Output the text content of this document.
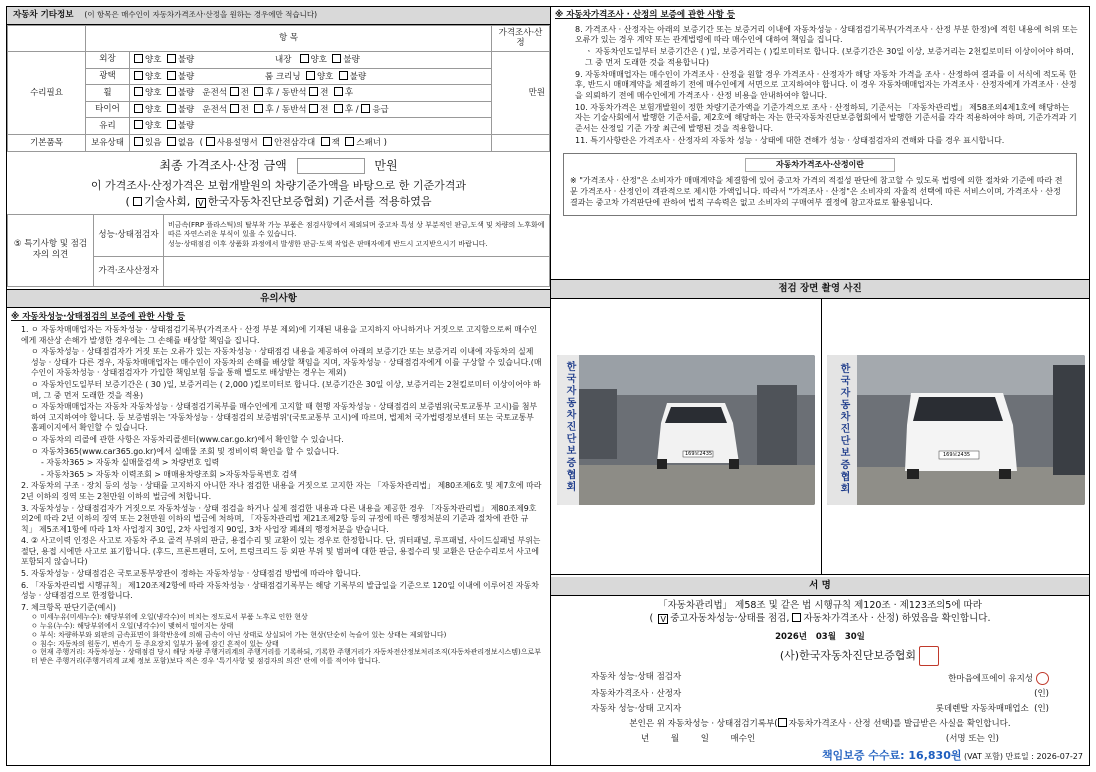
자동차 기타정보 (이 항목은 매수인이 자동차가격조사·산정을 원하는 경우에만 적습니다)
	항 목		가격조사·산정
수리필요	외장	양호 불량 내장 양호 불량	만원
	광택	양호 불량 룸 크리닝 양호 불량	
	휠	양호 불량 운전석 전 후 / 동반석 전 후	
	타이어	양호 불량 운전석 전 후 / 동반석 전 후 / 응급	
	유리	양호 불량	
기본품목	보유상태	있음 없음  ( 사용설명서 안전삼각대 잭 스패너 )	
최종 가격조사·산정 금액	만원
이 가격조사·산정가격은 보험개발원의 차량기준가액을 바탕으로 한 기준가격과
( 기술사회, V 한국자동차진단보증협회) 기준서를 적용하였음
⑤ 특기사항 및 점검자의 의견	성능·상태점검자	비금속(FRP 플라스틱)의 탈부착 가능 부품은 점검사항에서 제외되며 중고차 특성 상 부분적인 판금,도색 및 차량의 노후화에 따른 자연스러운 부식이 있을 수 있습니다.
성능·상태점검 이후 상품화 과정에서 발생한 판금·도색 작업은 판매자에게 반드시 고지받으시기 바랍니다.

	가격·조사산정자	
유의사항
※ 자동차성능·상태점검의 보증에 관한 사항 등
1. ㅇ 자동차매매업자는 자동차성능 · 상태점검기록부(가격조사 · 산정 부분 제외)에 기재된 내용을 고지하지 아니하거나 거짓으로 고지함으로써 매수인에게 재산상 손해가 발생한 경우에는 그 손해를 배상할 책임을 집니다.
ㅇ 자동차성능 · 상태점검자가 거짓 또는 오류가 있는 자동차성능 · 상태점검 내용을 제공하여 아래의 보증기간 또는 보증거리 이내에 자동차의 실제 성능 · 상태가 다른 경우, 자동차매매업자는 매수인이 자동차의 손해를 배상할 책임을 지며, 자동차성능 · 상태점검자에게 이를 구상할 수 있습니다.(매수인이 자동차성능 · 상태점검자가 가입한 책임보험 등을 통해 별도로 배상받는 경우는 제외)
ㅇ 자동차인도일부터 보증기간은 ( 30 )일, 보증거리는 ( 2,000 )킬로미터로 합니다. (보증기간은 30일 이상, 보증거리는 2천킬로미터 이상이어야 하며, 그 중 먼저 도래한 것을 적용)
ㅇ 자동차매매업자는 자동차 자동차성능 · 상태점검기록부를 매수인에게 고지할 때 현행 자동차성능 · 상태점검의 보증범위(국토교통부 고시)를 첨부하여 고지하여야 합니다. 등 보증범위는 '자동차성능 · 상태점검의 보증범위'(국토교통부 고시)에 따르며, 법제처 국가법령정보센터 또는 국토교통부 홈페이지에서 확인할 수 있습니다.
ㅇ 자동차의 리콜에 관한 사항은 자동차리콜센터(www.car.go.kr)에서 확인할 수 있습니다.
ㅇ 자동차365(www.car365.go.kr)에서 실매물 조회 및 정비이력 확인을 할 수 있습니다.
- 자동차365 > 자동차 실매물검색 > 차량번호 입력
- 자동차365 > 자동차 이력조회 > 매매용차량조회 >자동차등록번호 검색
2. 자동차의 구조 · 장치 등의 성능 · 상태를 고지하지 아니한 자나 점검한 내용을 거짓으로 고지한 자는 「자동차관리법」 제80조제6호 및 제7호에 따라 2년 이하의 징역 또는 2천만원 이하의 벌금에 처합니다.
3. 자동차성능 · 상태점검자가 거짓으로 자동차성능 · 상태 점검을 하거나 실제 점검한 내용과 다른 내용을 제공한 경우 「자동차관리법」 제80조제9호의2에 따라 2년 이하의 징역 또는 2천만원 이하의 벌금에 처하며, 「자동차관리법 제21조제2항 등의 규정에 따른 행정처분의 기준과 절차에 관한 규칙」 제5조제1항에 따라 1차 사업정지 30일, 2차 사업정지 90일, 3차 사업장 폐쇄의 행정처분을 받습니다.
4. ② 사고이력 인정은 사고로 자동차 주요 골격 부위의 판금, 용접수리 및 교환이 있는 경우로 한정합니다. 단, 쿼터패널, 루프패널, 사이드실패널 부위는 절단, 용접 시에만 사고로 표기합니다. (후드, 프론트펜더, 도어, 트렁크리드 등 외판 부위 및 범퍼에 대한 판금, 용접수리 및 교환은 단순수리로서 사고에 포함되지 않습니다)
5. 자동차성능 · 상태점검은 국토교통부장관이 정하는 자동차성능 · 상태점검 방법에 따라야 합니다.
6. 「자동차관리법 시행규칙」 제120조제2항에 따라 자동차성능 · 상태점검기록부는 해당 기록부의 발급일을 기준으로 120일 이내에 이루어진 자동차 성능 · 상태점검으로 한정합니다.
7. 체크항목 판단기준(예시)
ㅇ 미세누유(미세누수): 해당부위에 오일(냉각수)이 비치는 정도로서 부품 노후로 인한 현상
ㅇ 누유(누수): 해당부위에서 오일(냉각수)이 맺혀서 떨어지는 상태
ㅇ 부식: 차량하부와 외판의 금속표면이 화학반응에 의해 금속이 아닌 상태로 상실되어 가는 현상(단순히 녹슬어 있는 상태는 제외합니다)
ㅇ 침수: 자동차의 원동기, 변속기 등 주요장치 일부가 물에 잠긴 흔적이 있는 상태
ㅇ 현재 주행거리: 자동차성능 · 상태점검 당시 해당 차량 주행거리계의 주행거리를 기록하되, 기록한 주행거리가 자동차전산정보처리조직(자동차관리정보시스템)으로부터 받은 주행거리(주행거리계 교체 정보 포함)보다 적은 경우 '특기사항 및 점검자의 의견' 란에 이를 적어야 합니다.
※ 자동차가격조사 · 산정의 보증에 관한 사항 등
8. 가격조사 · 산정자는 아래의 보증기간 또는 보증거리 이내에 자동차성능 · 상태점검기록부(가격조사 · 산정 부분 한정)에 적힌 내용에 허위 또는 오류가 있는 경우 계약 또는 관계법령에 따라 매수인에 대하여 책임을 집니다.
ㆍ 자동차인도일부터 보증기간은 ( )일, 보증거리는 ( )킬로미터로 합니다. (보증기간은 30일 이상, 보증거리는 2천킬로미터 이상이어야 하며, 그 중 먼저 도래한 것을 적용합니다)
9. 자동차매매업자는 매수인이 가격조사 · 산정을 원할 경우 가격조사 · 산정자가 해당 자동차 가격을 조사 · 산정하여 결과를 이 서식에 적도록 한 후, 반드시 매매계약을 체결하기 전에 매수인에게 서면으로 고지하여야 합니다. 이 경우 자동차매매업자는 가격조사 · 산정자에게 가격조사 · 산정을 의뢰하기 전에 매수인에게 가격조사 · 산정 비용을 안내하여야 합니다.
10. 자동차가격은 보험개발원이 정한 차량기준가액을 기준가격으로 조사 · 산정하되, 기준서는 「자동차관리법」 제58조의4제1호에 해당하는 자는 기술사회에서 발행한 기준서를, 제2호에 해당하는 자는 한국자동차진단보증협회에서 발행한 기준서를 각각 적용하여야 하며, 기준가격과 기준서는 산정일 기준 가장 최근에 발행된 것을 적용합니다.
11. 특기사항란은 가격조사 · 산정자의 자동차 성능 · 상태에 대한 견해가 성능 · 상태점검자의 견해와 다를 경우 표시합니다.
자동차가격조사·산정이란
※ "가격조사 · 산정"은 소비자가 매매계약을 체결함에 있어 중고차 가격의 적절성 판단에 참고할 수 있도록 법령에 의한 절차와 기준에 따라 전문 가격조사 · 산정인이 객관적으로 제시한 가액입니다. 따라서 "가격조사 · 산정"은 소비자의 자율적 선택에 따른 서비스이며, 가격조사 · 산정 결과는 중고차 가격판단에 관하여 법적 구속력은 없고 소비자의 구매여부 결정에 참고자료로 활용됩니다.
점검 장면 촬영 사진
한국자동차진단보증협회	169보2435	한국자동차진단보증협회	169보2435
서 명
「자동차관리법」 제58조 및 같은 법 시행규칙 제120조 · 제123조의5에 따라
( V 중고자동차성능·상태를 점검, 자동차가격조사 · 산정) 하였음을 확인합니다.
2026년 03월 30일
(사)한국자동차진단보증협회
자동차 성능·상태 점검자	한마음에프에이 유지성
자동차가격조사 · 산정자	(인)
자동차 성능·상태 고지자	롯데렌탈 자동차매매업소 (인)
본인은 위 자동차성능 · 상태점검기록부( 자동차가격조사 · 산정 선택)를 발급받은 사실을 확인합니다.
년	월	일	매수인	(서명 또는 인)
책임보증 수수료: 16,830원 (VAT 포함) 만료일 : 2026-07-27
